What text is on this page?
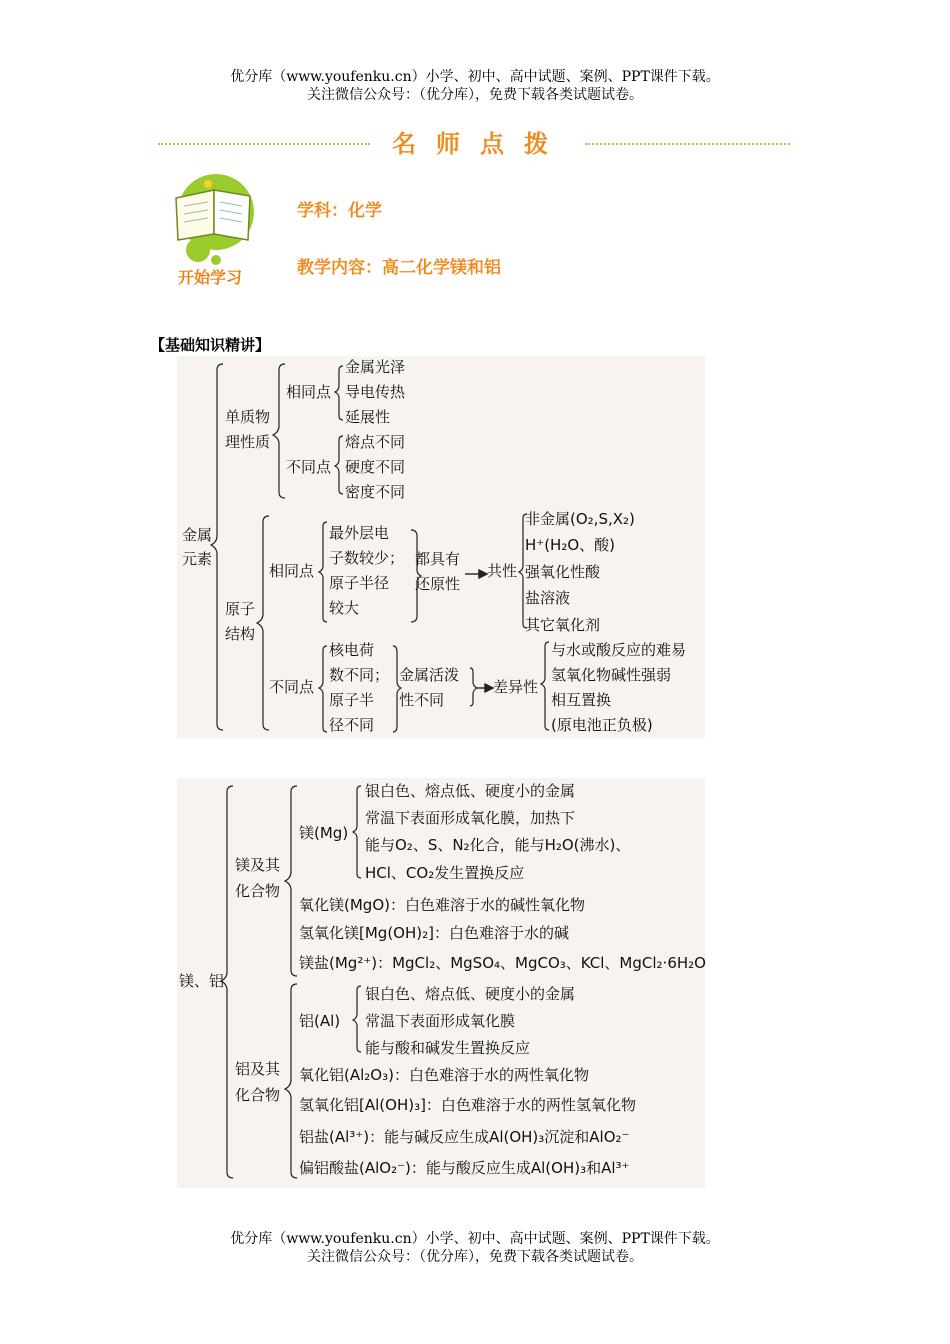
优分库（www.youfenku.cn）小学、初中、高中试题、案例、PPT课件下载。
关注微信公众号：（优分库），免费下载各类试题试卷。
名师点拨
开始学习
学科：化学
教学内容：高二化学镁和铝
【基础知识精讲】
金属
元素
单质物
理性质
相同点
金属光泽
导电传热
延展性
不同点
熔点不同
硬度不同
密度不同
原子
结构
相同点
最外层电
子数较少；
原子半径
较大
都具有
还原性
共性
非金属(O₂,S,X₂)
H⁺(H₂O、酸)
强氧化性酸
盐溶液
其它氧化剂
不同点
核电荷
数不同；
原子半
径不同
金属活泼
性不同
差异性
与水或酸反应的难易
氢氧化物碱性强弱
相互置换
(原电池正负极)
镁、铝
镁及其
化合物
镁(Mg)
银白色、熔点低、硬度小的金属
常温下表面形成氧化膜，加热下
能与O₂、S、N₂化合，能与H₂O(沸水)、
HCl、CO₂发生置换反应
氧化镁(MgO)：白色难溶于水的碱性氧化物
氢氧化镁[Mg(OH)₂]：白色难溶于水的碱
镁盐(Mg²⁺)：MgCl₂、MgSO₄、MgCO₃、KCl、MgCl₂·6H₂O
铝及其
化合物
铝(Al)
银白色、熔点低、硬度小的金属
常温下表面形成氧化膜
能与酸和碱发生置换反应
氧化铝(Al₂O₃)：白色难溶于水的两性氧化物
氢氧化铝[Al(OH)₃]：白色难溶于水的两性氢氧化物
铝盐(Al³⁺)：能与碱反应生成Al(OH)₃沉淀和AlO₂⁻
偏铝酸盐(AlO₂⁻)：能与酸反应生成Al(OH)₃和Al³⁺
优分库（www.youfenku.cn）小学、初中、高中试题、案例、PPT课件下载。
关注微信公众号：（优分库），免费下载各类试题试卷。
